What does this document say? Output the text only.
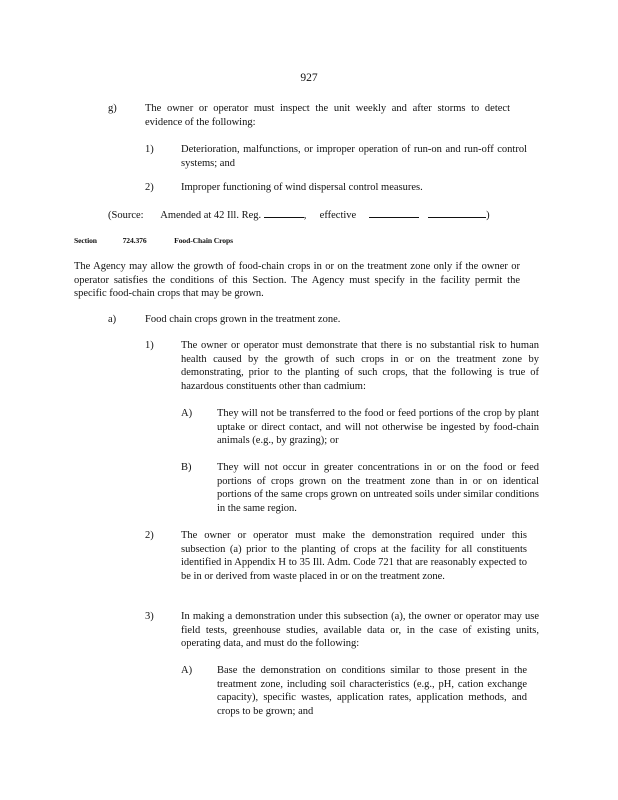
927
g)	The owner or operator must inspect the unit weekly and after storms to detect evidence of the following:
1)	Deterioration, malfunctions, or improper operation of run-on and run-off control systems; and
2)	Improper functioning of wind dispersal control measures.
(Source: Amended at 42 Ill. Reg.	,  effective	)
Section	724.376	Food-Chain Crops
The Agency may allow the growth of food-chain crops in or on the treatment zone only if the owner or operator satisfies the conditions of this Section. The Agency must specify in the facility permit the specific food-chain crops that may be grown.
a)	Food chain crops grown in the treatment zone.
1)	The owner or operator must demonstrate that there is no substantial risk to human health caused by the growth of such crops in or on the treatment zone by demonstrating, prior to the planting of such crops, that the following is true of hazardous constituents other than cadmium:
A) They will not be transferred to the food or feed portions of the crop by plant uptake or direct contact, and will not otherwise be ingested by food-chain animals (e.g., by grazing); or
B) They will not occur in greater concentrations in or on the food or feed portions of crops grown on the treatment zone than in or on identical portions of the same crops grown on untreated soils under similar conditions in the same region.
2)	The owner or operator must make the demonstration required under this subsection (a) prior to the planting of crops at the facility for all constituents identified in Appendix H to 35 Ill. Adm. Code 721 that are reasonably expected to be in or derived from waste placed in or on the treatment zone.
3)	In making a demonstration under this subsection (a), the owner or operator may use field tests, greenhouse studies, available data or, in the case of existing units, operating data, and must do the following:
A) Base the demonstration on conditions similar to those present in the treatment zone, including soil characteristics (e.g., pH, cation exchange capacity), specific wastes, application rates, application methods, and crops to be grown; and
